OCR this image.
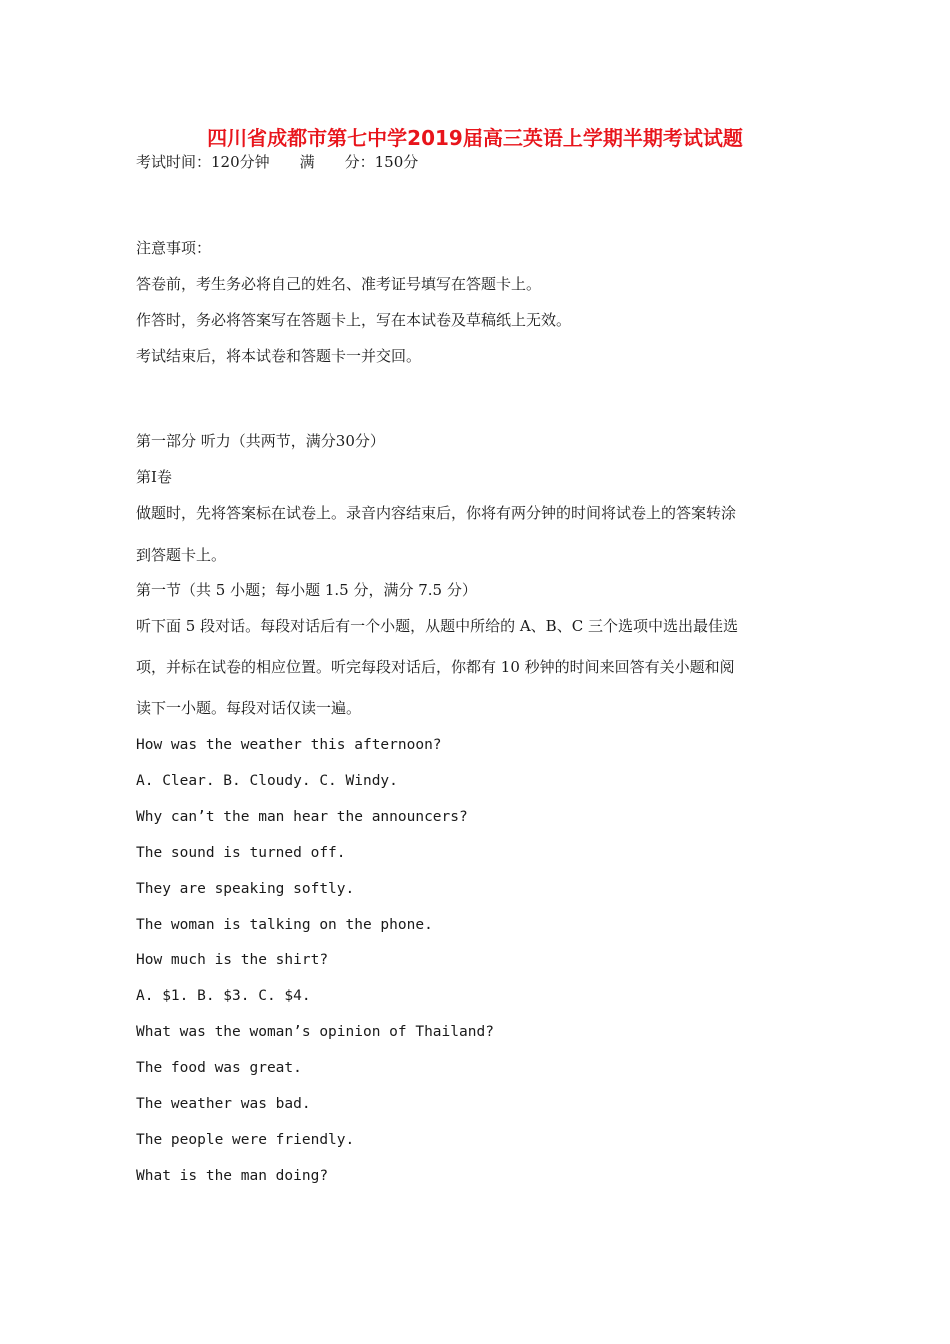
四川省成都市第七中学2019届高三英语上学期半期考试试题
考试时间：120分钟　　满　　分：150分
注意事项：
答卷前，考生务必将自己的姓名、准考证号填写在答题卡上。
作答时，务必将答案写在答题卡上，写在本试卷及草稿纸上无效。
考试结束后，将本试卷和答题卡一并交回。
第一部分 听力（共两节，满分30分）
第Ⅰ卷
做题时，先将答案标在试卷上。录音内容结束后，你将有两分钟的时间将试卷上的答案转涂
到答题卡上。
第一节（共 5 小题；每小题 1.5 分，满分 7.5 分）
听下面 5 段对话。每段对话后有一个小题，从题中所给的 A、B、C 三个选项中选出最佳选
项，并标在试卷的相应位置。听完每段对话后，你都有 10 秒钟的时间来回答有关小题和阅
读下一小题。每段对话仅读一遍。
How was the weather this afternoon?
A. Clear. B. Cloudy. C. Windy.
Why can’t the man hear the announcers?
The sound is turned off.
They are speaking softly.
The woman is talking on the phone.
How much is the shirt?
A. $1. B. $3. C. $4.
What was the woman’s opinion of Thailand?
The food was great.
The weather was bad.
The people were friendly.
What is the man doing?
